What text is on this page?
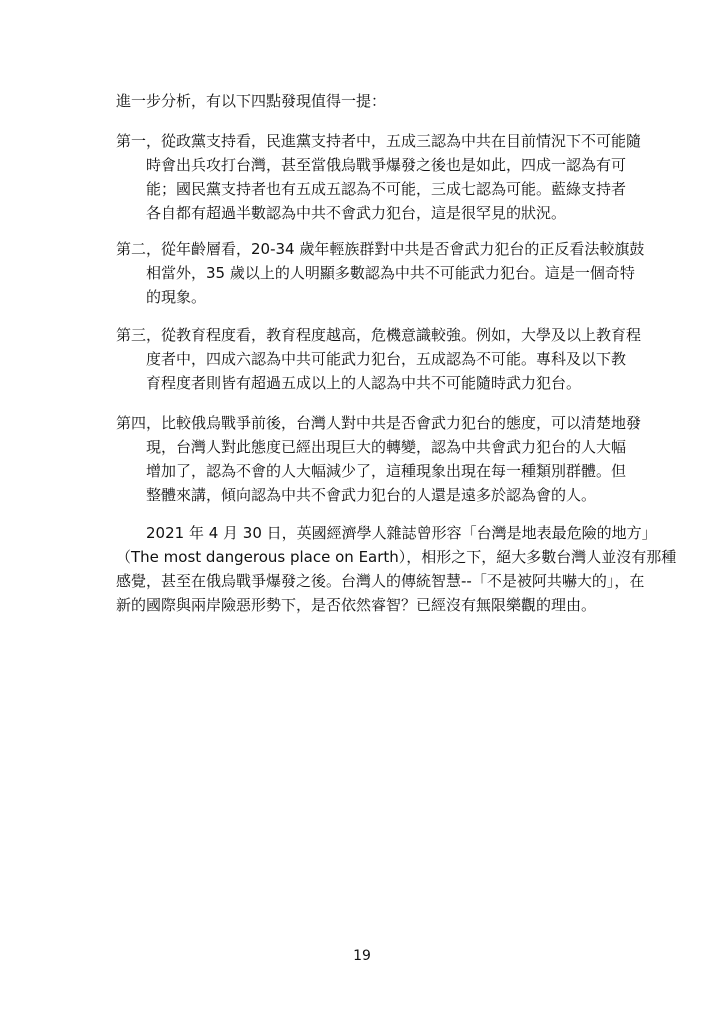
進一步分析，有以下四點發現值得一提：
第一， 從政黨支持看，民進黨支持者中，五成三認為中共在目前情況下不可能隨
時會出兵攻打台灣，甚至當俄烏戰爭爆發之後也是如此，四成一認為有可
能；國民黨支持者也有五成五認為不可能，三成七認為可能。藍綠支持者
各自都有超過半數認為中共不會武力犯台，這是很罕見的狀況。
第二， 從年齡層看，20-34 歲年輕族群對中共是否會武力犯台的正反看法較旗鼓
相當外，35 歲以上的人明顯多數認為中共不可能武力犯台。這是一個奇特
的現象。
第三， 從教育程度看，教育程度越高，危機意識較強。例如，大學及以上教育程
度者中，四成六認為中共可能武力犯台，五成認為不可能。專科及以下教
育程度者則皆有超過五成以上的人認為中共不可能隨時武力犯台。
第四， 比較俄烏戰爭前後，台灣人對中共是否會武力犯台的態度，可以清楚地發
現，台灣人對此態度已經出現巨大的轉變，認為中共會武力犯台的人大幅
增加了，認為不會的人大幅減少了，這種現象出現在每一種類別群體。但
整體來講，傾向認為中共不會武力犯台的人還是遠多於認為會的人。
2021 年 4 月 30 日，英國經濟學人雜誌曾形容「台灣是地表最危險的地方」
（The most dangerous place on Earth），相形之下，絕大多數台灣人並沒有那種
感覺，甚至在俄烏戰爭爆發之後。台灣人的傳統智慧--「不是被阿共嚇大的」，在
新的國際與兩岸險惡形勢下，是否依然睿智？已經沒有無限樂觀的理由。
19
